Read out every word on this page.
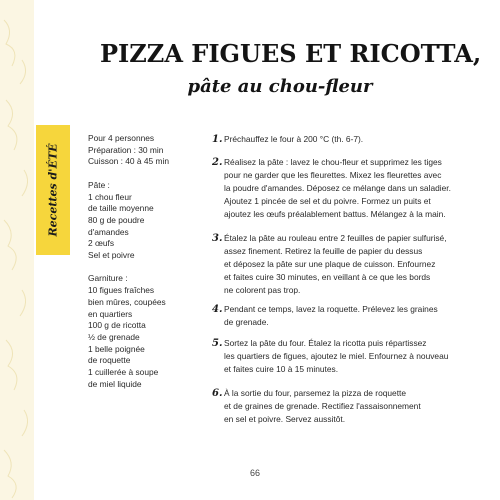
Recettes d'ÉTÉ
PIZZA FIGUES ET RICOTTA,
pâte au chou-fleur
Pour 4 personnes
Préparation : 30 min
Cuisson : 40 à 45 min
Pâte :
1 chou fleur
de taille moyenne
80 g de poudre
d'amandes
2 œufs
Sel et poivre
Garniture :
10 figues fraîches
bien mûres, coupées
en quartiers
100 g de ricotta
½ de grenade
1 belle poignée
de roquette
1 cuillerée à soupe
de miel liquide
1. Préchauffez le four à 200 °C (th. 6-7).
2. Réalisez la pâte : lavez le chou-fleur et supprimez les tiges
pour ne garder que les fleurettes. Mixez les fleurettes avec
la poudre d'amandes. Déposez ce mélange dans un saladier.
Ajoutez 1 pincée de sel et du poivre. Formez un puits et
ajoutez les œufs préalablement battus. Mélangez à la main.
3. Étalez la pâte au rouleau entre 2 feuilles de papier sulfurisé,
assez finement. Retirez la feuille de papier du dessus
et déposez la pâte sur une plaque de cuisson. Enfournez
et faites cuire 30 minutes, en veillant à ce que les bords
ne colorent pas trop.
4. Pendant ce temps, lavez la roquette. Prélevez les graines
de grenade.
5. Sortez la pâte du four. Étalez la ricotta puis répartissez
les quartiers de figues, ajoutez le miel. Enfournez à nouveau
et faites cuire 10 à 15 minutes.
6. À la sortie du four, parsemez la pizza de roquette
et de graines de grenade. Rectifiez l'assaisonnement
en sel et poivre. Servez aussitôt.
66
